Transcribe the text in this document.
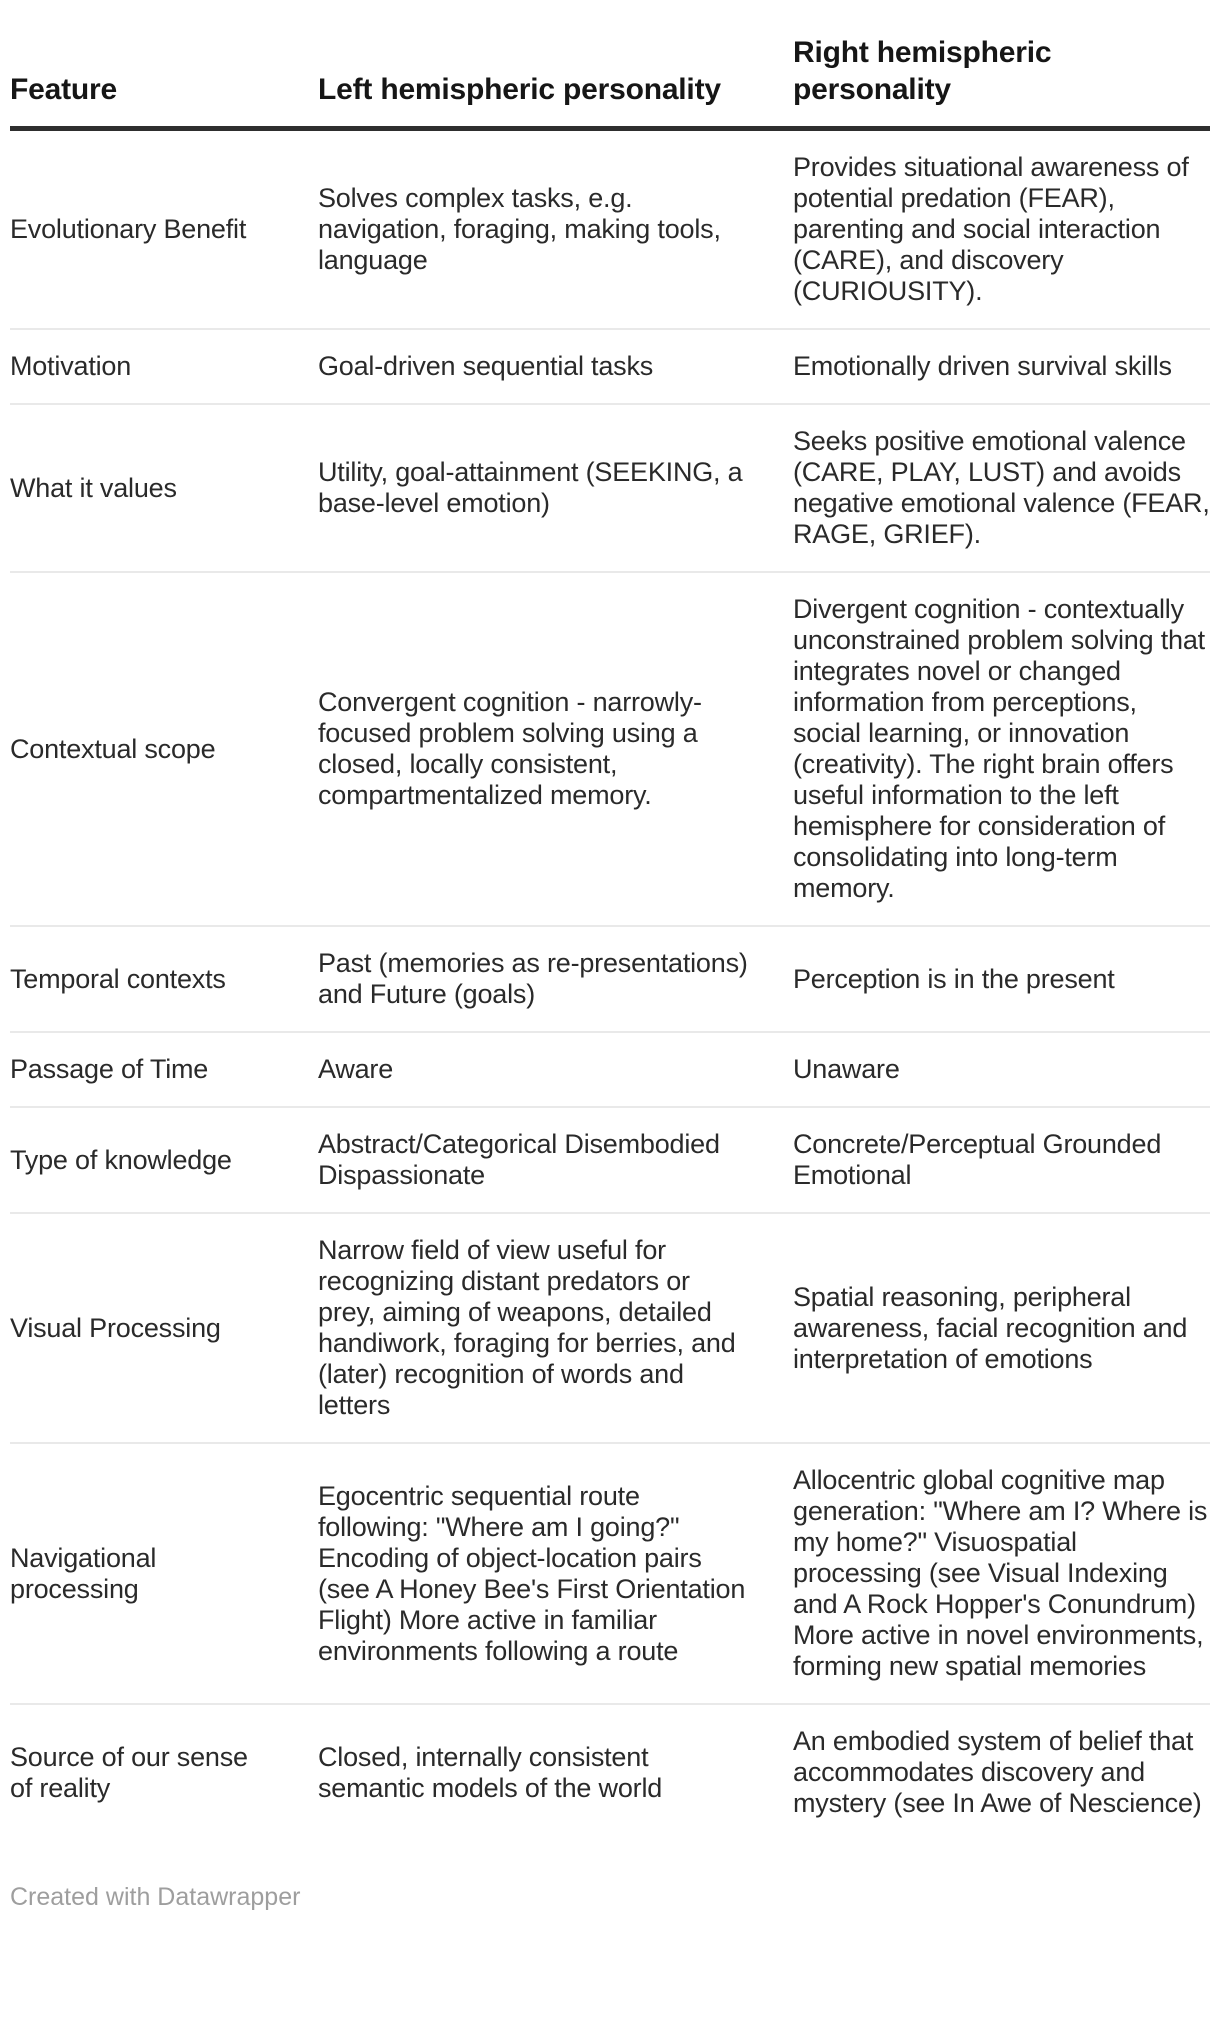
Feature	Left hemispheric personality	Right hemispheric personality
Evolutionary Benefit	Solves complex tasks, e.g. navigation, foraging, making tools, language	Provides situational awareness of potential predation (FEAR), parenting and social interaction (CARE), and discovery (CURIOUSITY).
Motivation	Goal-driven sequential tasks	Emotionally driven survival skills
What it values	Utility, goal-attainment (SEEKING, a base-level emotion)	Seeks positive emotional valence (CARE, PLAY, LUST) and avoids negative emotional valence (FEAR, RAGE, GRIEF).
Contextual scope	Convergent cognition - narrowly-focused problem solving using a closed, locally consistent, compartmentalized memory.	Divergent cognition - contextually unconstrained problem solving that integrates novel or changed information from perceptions, social learning, or innovation (creativity). The right brain offers useful information to the left hemisphere for consideration of consolidating into long-term memory.
Temporal contexts	Past (memories as re-presentations) and Future (goals)	Perception is in the present
Passage of Time	Aware	Unaware
Type of knowledge	Abstract/Categorical Disembodied Dispassionate	Concrete/Perceptual Grounded Emotional
Visual Processing	Narrow field of view useful for recognizing distant predators or prey, aiming of weapons, detailed handiwork, foraging for berries, and (later) recognition of words and letters	Spatial reasoning, peripheral awareness, facial recognition and interpretation of emotions
Navigational processing	Egocentric sequential route following: "Where am I going?" Encoding of object-location pairs (see A Honey Bee's First Orientation Flight) More active in familiar environments following a route	Allocentric global cognitive map generation: "Where am I? Where is my home?" Visuospatial processing (see Visual Indexing and A Rock Hopper's Conundrum) More active in novel environments, forming new spatial memories
Source of our sense of reality	Closed, internally consistent semantic models of the world	An embodied system of belief that accommodates discovery and mystery (see In Awe of Nescience)
Created with Datawrapper
